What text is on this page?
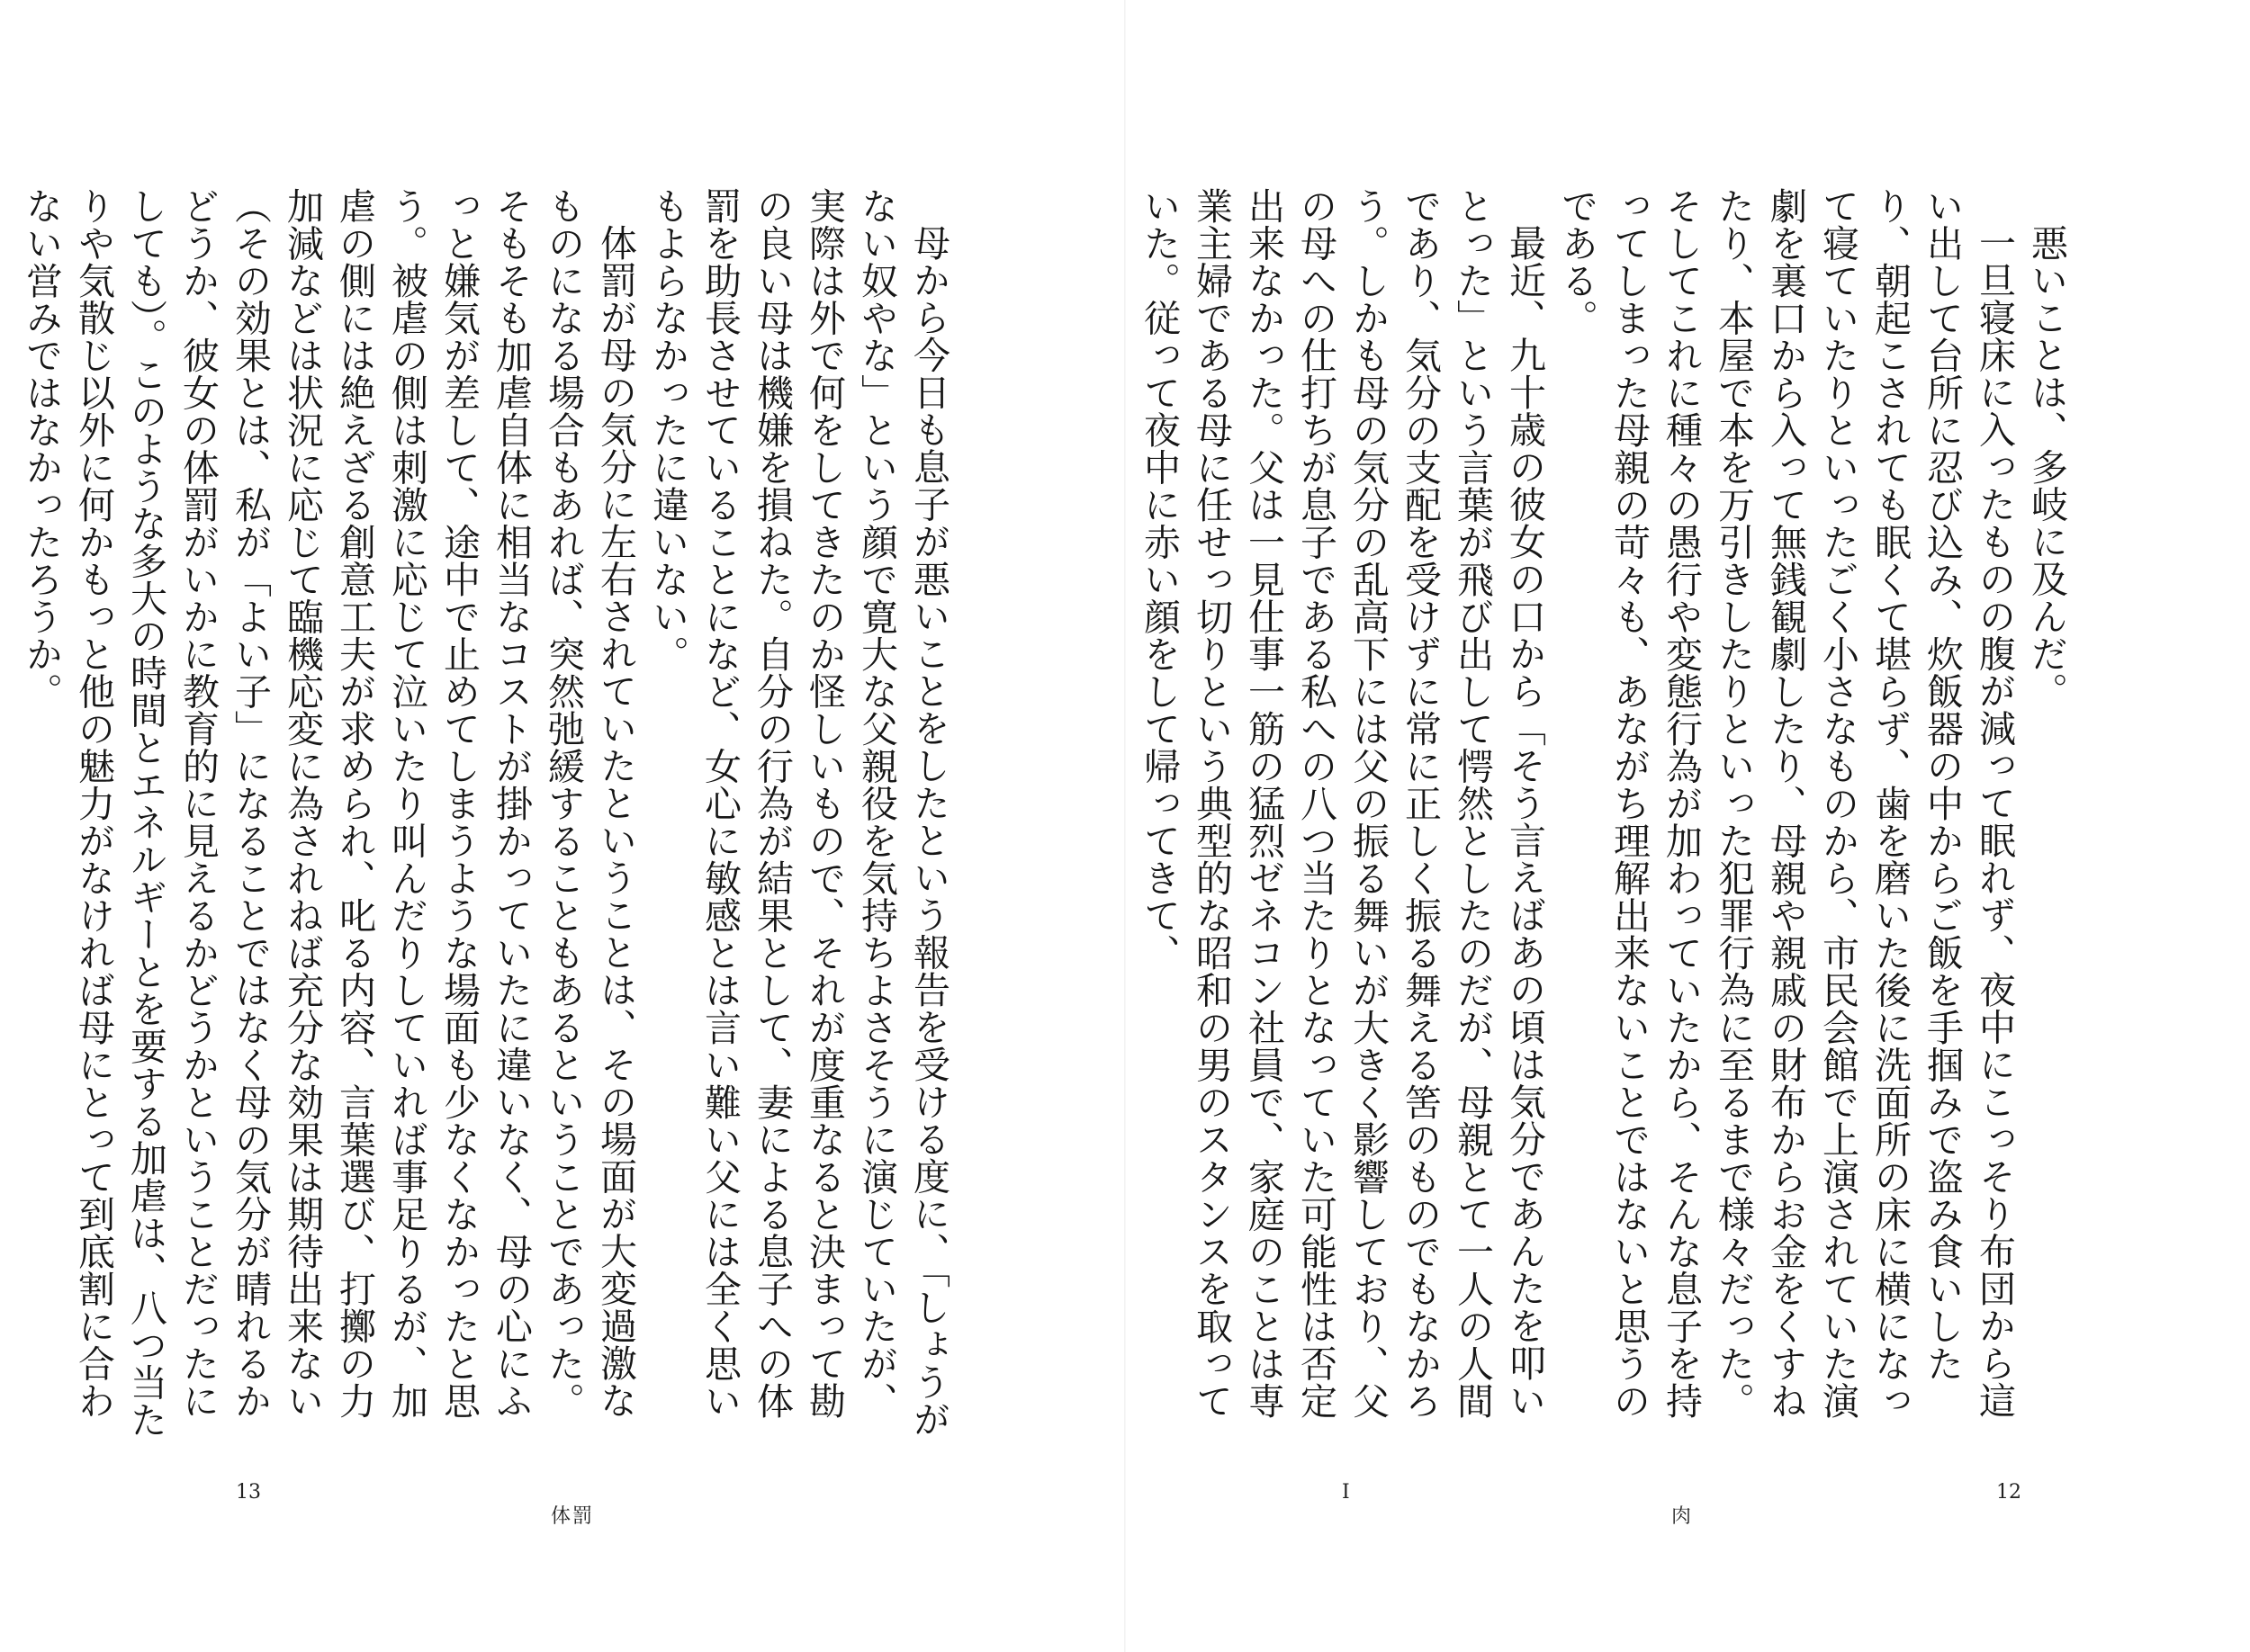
母から今日も息子が悪いことをしたという報告を受ける度に、「しょうがない奴やな」という顔で寛大な父親役を気持ちよさそうに演じていたが、実際は外で何をしてきたのか怪しいもので、それが度重なると決まって勘の良い母は機嫌を損ねた。自分の行為が結果として、妻による息子への体罰を助長させていることになど、女心に敏感とは言い難い父には全く思いもよらなかったに違いない。

体罰が母の気分に左右されていたということは、その場面が大変過激なものになる場合もあれば、突然弛緩することもあるということであった。そもそも加虐自体に相当なコストが掛かっていたに違いなく、母の心にふっと嫌気が差して、途中で止めてしまうような場面も少なくなかったと思う。被虐の側は刺激に応じて泣いたり叫んだりしていれば事足りるが、加虐の側には絶えざる創意工夫が求められ、叱る内容、言葉選び、打擲の力加減などは状況に応じて臨機応変に為されねば充分な効果は期待出来ない（その効果とは、私が「よい子」になることではなく母の気分が晴れるかどうか、彼女の体罰がいかに教育的に見えるかどうかということだったにしても）。このような多大の時間とエネルギーとを要する加虐は、八つ当たりや気散じ以外に何かもっと他の魅力がなければ母にとって到底割に合わない営みではなかったろうか。

13
体罰

悪いことは、多岐に及んだ。

一旦寝床に入ったものの腹が減って眠れず、夜中にこっそり布団から這い出して台所に忍び込み、炊飯器の中からご飯を手掴みで盗み食いしたり、朝起こされても眠くて堪らず、歯を磨いた後に洗面所の床に横になって寝ていたりといったごく小さなものから、市民会館で上演されていた演劇を裏口から入って無銭観劇したり、母親や親戚の財布からお金をくすねたり、本屋で本を万引きしたりといった犯罪行為に至るまで様々だった。そしてこれに種々の愚行や変態行為が加わっていたから、そんな息子を持ってしまった母親の苛々も、あながち理解出来ないことではないと思うのである。

最近、九十歳の彼女の口から「そう言えばあの頃は気分であんたを叩いとった」という言葉が飛び出して愕然としたのだが、母親とて一人の人間であり、気分の支配を受けずに常に正しく振る舞える筈のものでもなかろう。しかも母の気分の乱高下には父の振る舞いが大きく影響しており、父の母への仕打ちが息子である私への八つ当たりとなっていた可能性は否定出来なかった。父は一見仕事一筋の猛烈ゼネコン社員で、家庭のことは専業主婦である母に任せっ切りという典型的な昭和の男のスタンスを取っていた。従って夜中に赤い顔をして帰ってきて、

I
肉
12
